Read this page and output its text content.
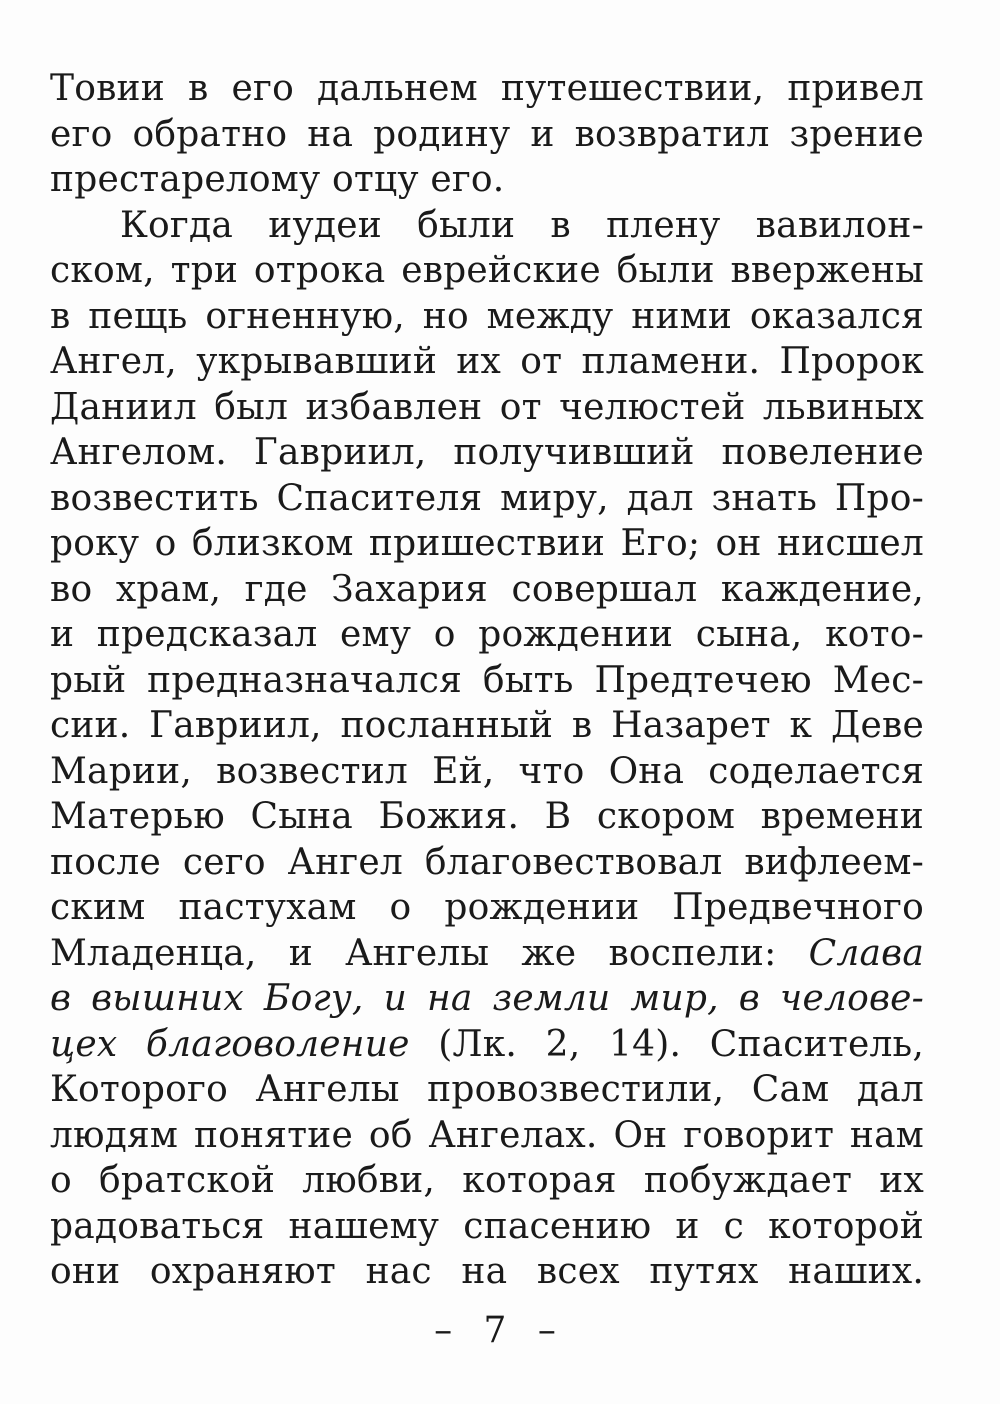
Товии в его дальнем путешествии, привел
его обратно на родину и возвратил зрение
престарелому отцу его.
Когда иудеи были в плену вавилон-
ском, три отрока еврейские были ввержены
в пещь огненную, но между ними оказался
Ангел, укрывавший их от пламени. Пророк
Даниил был избавлен от челюстей львиных
Ангелом. Гавриил, получивший повеление
возвестить Спасителя миру, дал знать Про-
року о близком пришествии Его; он нисшел
во храм, где Захария совершал каждение,
и предсказал ему о рождении сына, кото-
рый предназначался быть Предтечею Мес-
сии. Гавриил, посланный в Назарет к Деве
Марии, возвестил Ей, что Она соделается
Матерью Сына Божия. В скором времени
после сего Ангел благовествовал вифлеем-
ским пастухам о рождении Предвечного
Младенца, и Ангелы же воспели: Слава
в вышних Богу, и на земли мир, в челове-
цех благоволение (Лк. 2, 14). Спаситель,
Которого Ангелы провозвестили, Сам дал
людям понятие об Ангелах. Он говорит нам
о братской любви, которая побуждает их
радоваться нашему спасению и с которой
они охраняют нас на всех путях наших.
– 7 –
